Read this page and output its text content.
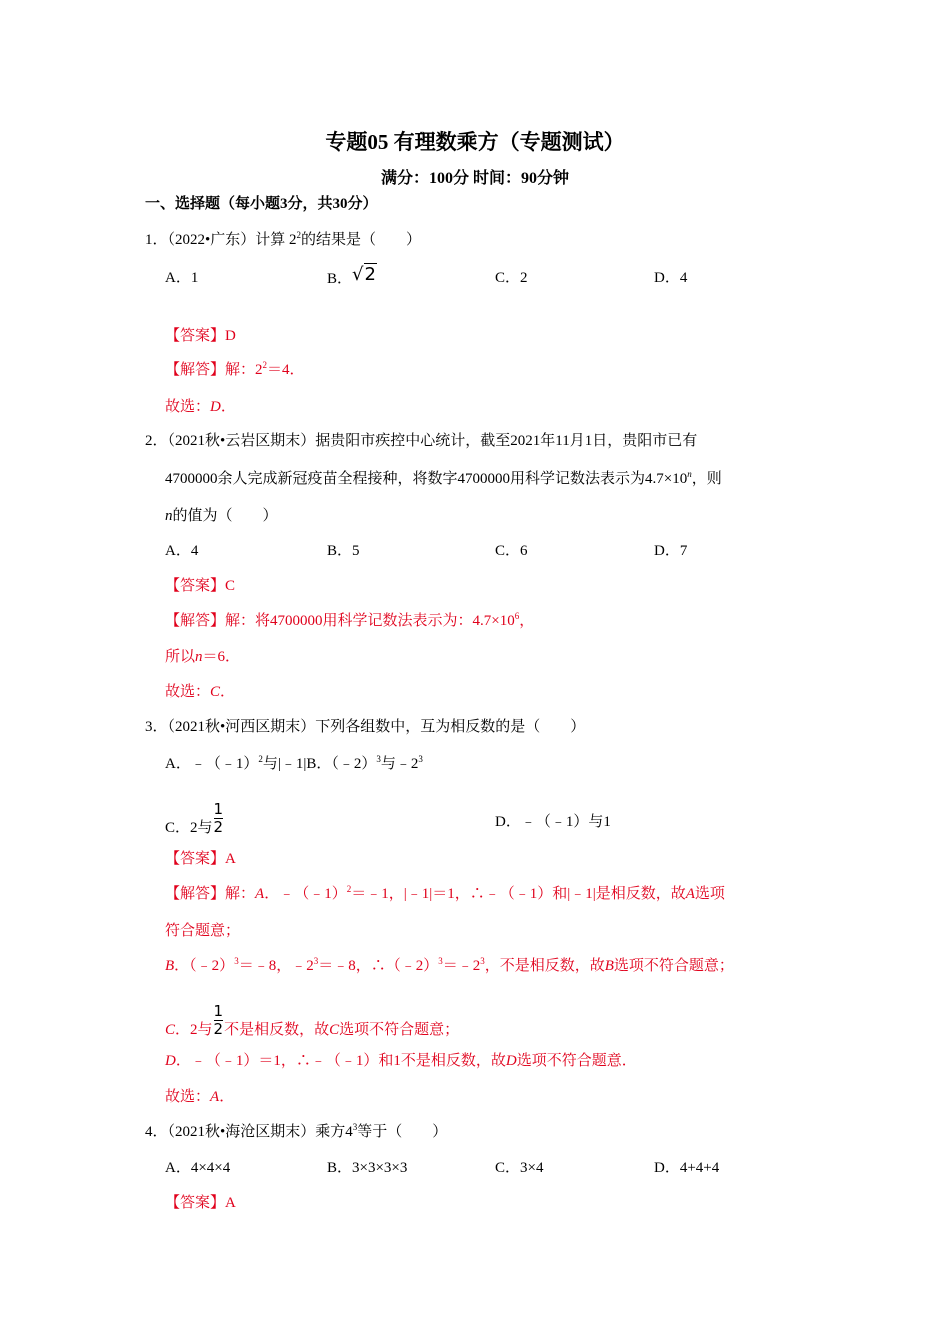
专题05 有理数乘方（专题测试）
满分：100分 时间：90分钟
一、选择题（每小题3分，共30分）
1．（2022•广东）计算 $2^2$的结果是（　　）
A．1	B．√2	C．2	D．4
【答案】D
【解答】解：$2^2=4$．
故选：D．
2．（2021秋•云岩区期末）据贵阳市疾控中心统计，截至2021年11月1日，贵阳市已有
4700000余人完成新冠疫苗全程接种，将数字4700000用科学记数法表示为$4.7\times 10^n$，则
n的值为（　　）
A．4	B．5	C．6	D．7
【答案】C
【解答】解：将4700000用科学记数法表示为：$4.7\times 10^6$，
所以n＝6．
故选：C．
3．（2021秋•河西区期末）下列各组数中，互为相反数的是（　　）
A．﹣（﹣1）$^2$与|﹣1|B．（﹣2）$^3$与$﹣2^3$
C．2与 $\frac{1}{2}$	D．﹣（﹣1）与1
【答案】A
【解答】解：A．﹣（﹣1）$^2$＝﹣1，|﹣1|＝1，∴﹣（﹣1）和|﹣1|是相反数，故A选项
符合题意；
B．（﹣2）$^3$＝﹣8，$﹣2^3=﹣8$，$\therefore(﹣2)^3=﹣2^3$，不是相反数，故B选项不符合题意；
C．2与 $\frac{1}{2}$ 不是相反数，故C选项不符合题意；
D．﹣（﹣1）＝1，∴﹣（﹣1）和1不是相反数，故D选项不符合题意．
故选：A．
4．（2021秋•海沧区期末）乘方$4^3$等于（　　）
A．4×4×4	B．3×3×3×3	C．3×4	D．4+4+4
【答案】A
